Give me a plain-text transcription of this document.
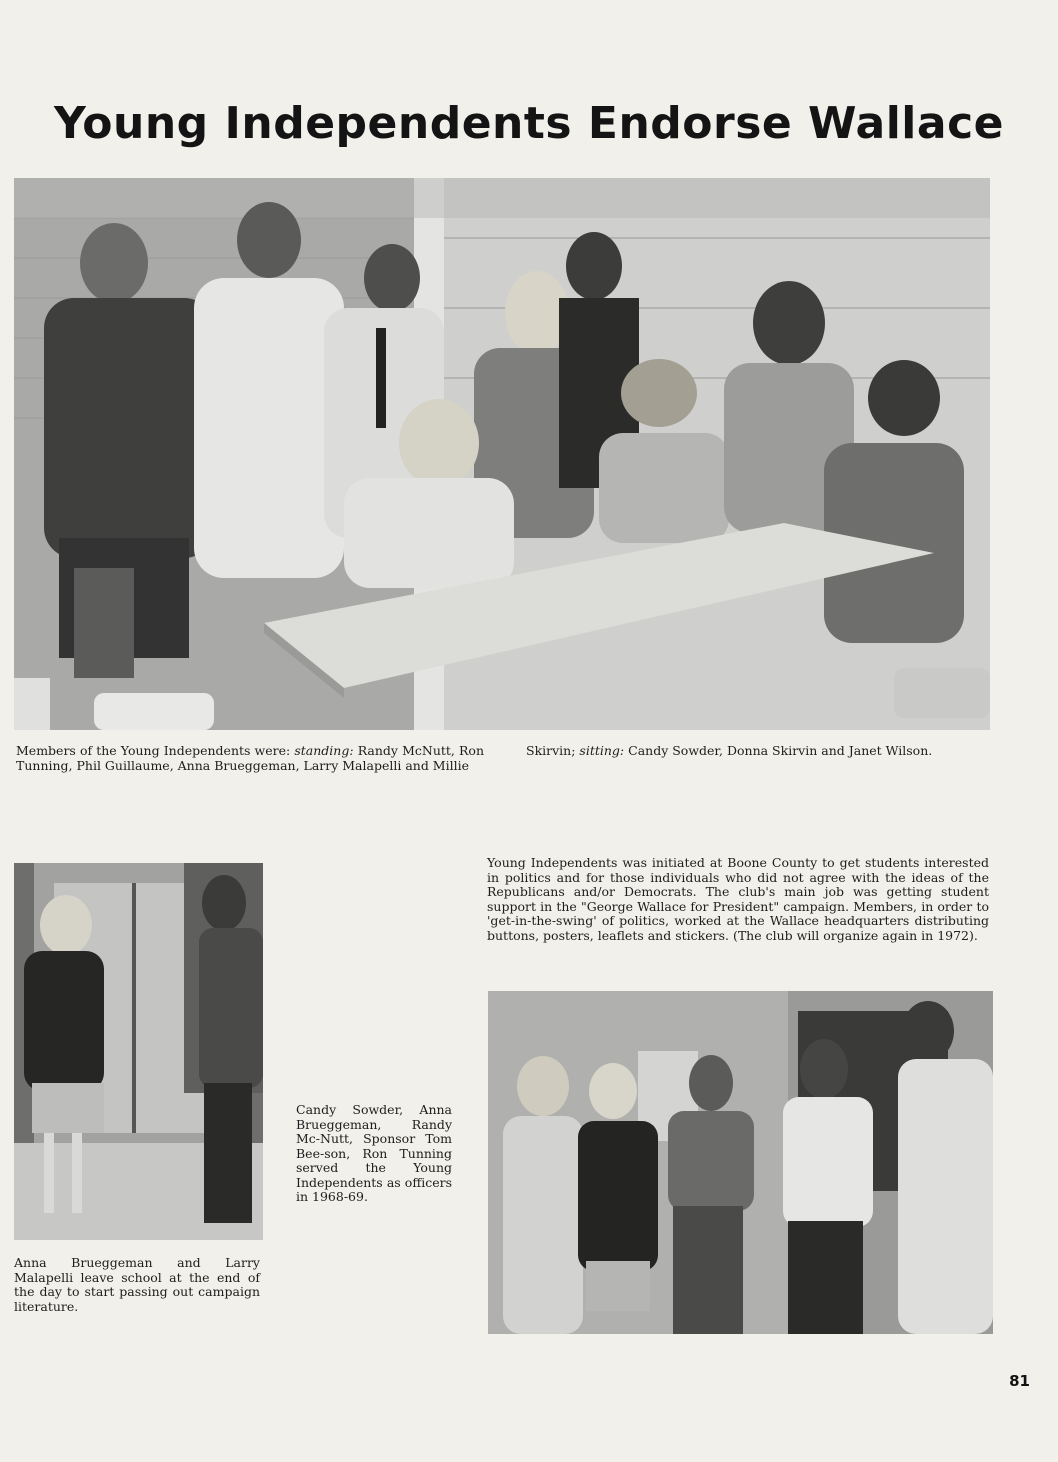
Young Independents Endorse Wallace
Members of the Young Independents were: standing: Randy McNutt, Ron Tunning, Phil Guillaume, Anna Brueggeman, Larry Malapelli and Millie
Skirvin; sitting: Candy Sowder, Donna Skirvin and Janet Wilson.
Anna Brueggeman and Larry Malapelli leave school at the end of the day to start passing out campaign literature.
Candy Sowder, Anna Brueggeman, Randy Mc-Nutt, Sponsor Tom Bee-son, Ron Tunning served the Young Independents as officers in 1968-69.
Young Independents was initiated at Boone County to get students interested in politics and for those individuals who did not agree with the ideas of the Republicans and/or Democrats. The club's main job was getting student support in the "George Wallace for President" campaign. Members, in order to 'get-in-the-swing' of politics, worked at the Wallace headquarters distributing buttons, posters, leaflets and stickers. (The club will organize again in 1972).
81
